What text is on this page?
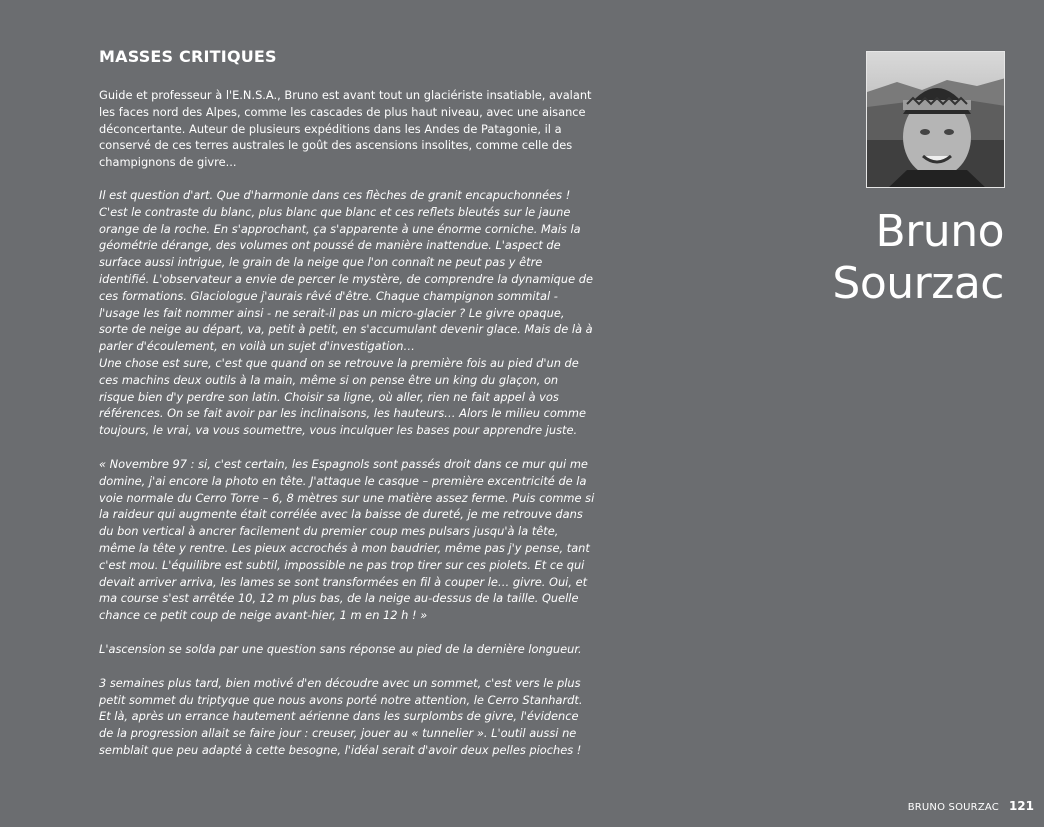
MASSES CRITIQUES

Guide et professeur à l'E.N.S.A., Bruno est avant tout un glaciériste insatiable, avalant les faces nord des Alpes, comme les cascades de plus haut niveau, avec une aisance déconcertante. Auteur de plusieurs expéditions dans les Andes de Patagonie, il a conservé de ces terres australes le goût des ascensions insolites, comme celle des champignons de givre...

Il est question d'art. Que d'harmonie dans ces flèches de granit encapuchonnées ! C'est le contraste du blanc, plus blanc que blanc et ces reflets bleutés sur le jaune orange de la roche. En s'approchant, ça s'apparente à une énorme corniche. Mais la géométrie dérange, des volumes ont poussé de manière inattendue. L'aspect de surface aussi intrigue, le grain de la neige que l'on connaît ne peut pas y être identifié. L'observateur a envie de percer le mystère, de comprendre la dynamique de ces formations. Glaciologue j'aurais rêvé d'être. Chaque champignon sommital - l'usage les fait nommer ainsi - ne serait-il pas un micro-glacier ? Le givre opaque, sorte de neige au départ, va, petit à petit, en s'accumulant devenir glace. Mais de là à parler d'écoulement, en voilà un sujet d'investigation…

Une chose est sure, c'est que quand on se retrouve la première fois au pied d'un de ces machins deux outils à la main, même si on pense être un king du glaçon, on risque bien d'y perdre son latin. Choisir sa ligne, où aller, rien ne fait appel à vos références. On se fait avoir par les inclinaisons, les hauteurs… Alors le milieu comme toujours, le vrai, va vous soumettre, vous inculquer les bases pour apprendre juste.

« Novembre 97 : si, c'est certain, les Espagnols sont passés droit dans ce mur qui me domine, j'ai encore la photo en tête. J'attaque le casque – première excentricité de la voie normale du Cerro Torre – 6, 8 mètres sur une matière assez ferme. Puis comme si la raideur qui augmente était corrélée avec la baisse de dureté, je me retrouve dans du bon vertical à ancrer facilement du premier coup mes pulsars jusqu'à la tête, même la tête y rentre. Les pieux accrochés à mon baudrier, même pas j'y pense, tant c'est mou. L'équilibre est subtil, impossible ne pas trop tirer sur ces piolets. Et ce qui devait arriver arriva, les lames se sont transformées en fil à couper le… givre. Oui, et ma course s'est arrêtée 10, 12 m plus bas, de la neige au-dessus de la taille. Quelle chance ce petit coup de neige avant-hier, 1 m en 12 h ! »

L'ascension se solda par une question sans réponse au pied de la dernière longueur.

3 semaines plus tard, bien motivé d'en découdre avec un sommet, c'est vers le plus petit sommet du triptyque que nous avons porté notre attention, le Cerro Stanhardt. Et là, après un errance hautement aérienne dans les surplombs de givre, l'évidence de la progression allait se faire jour : creuser, jouer au « tunnelier ». L'outil aussi ne semblait que peu adapté à cette besogne, l'idéal serait d'avoir deux pelles pioches !

Bruno
Sourzac
BRUNO SOURZAC 121
